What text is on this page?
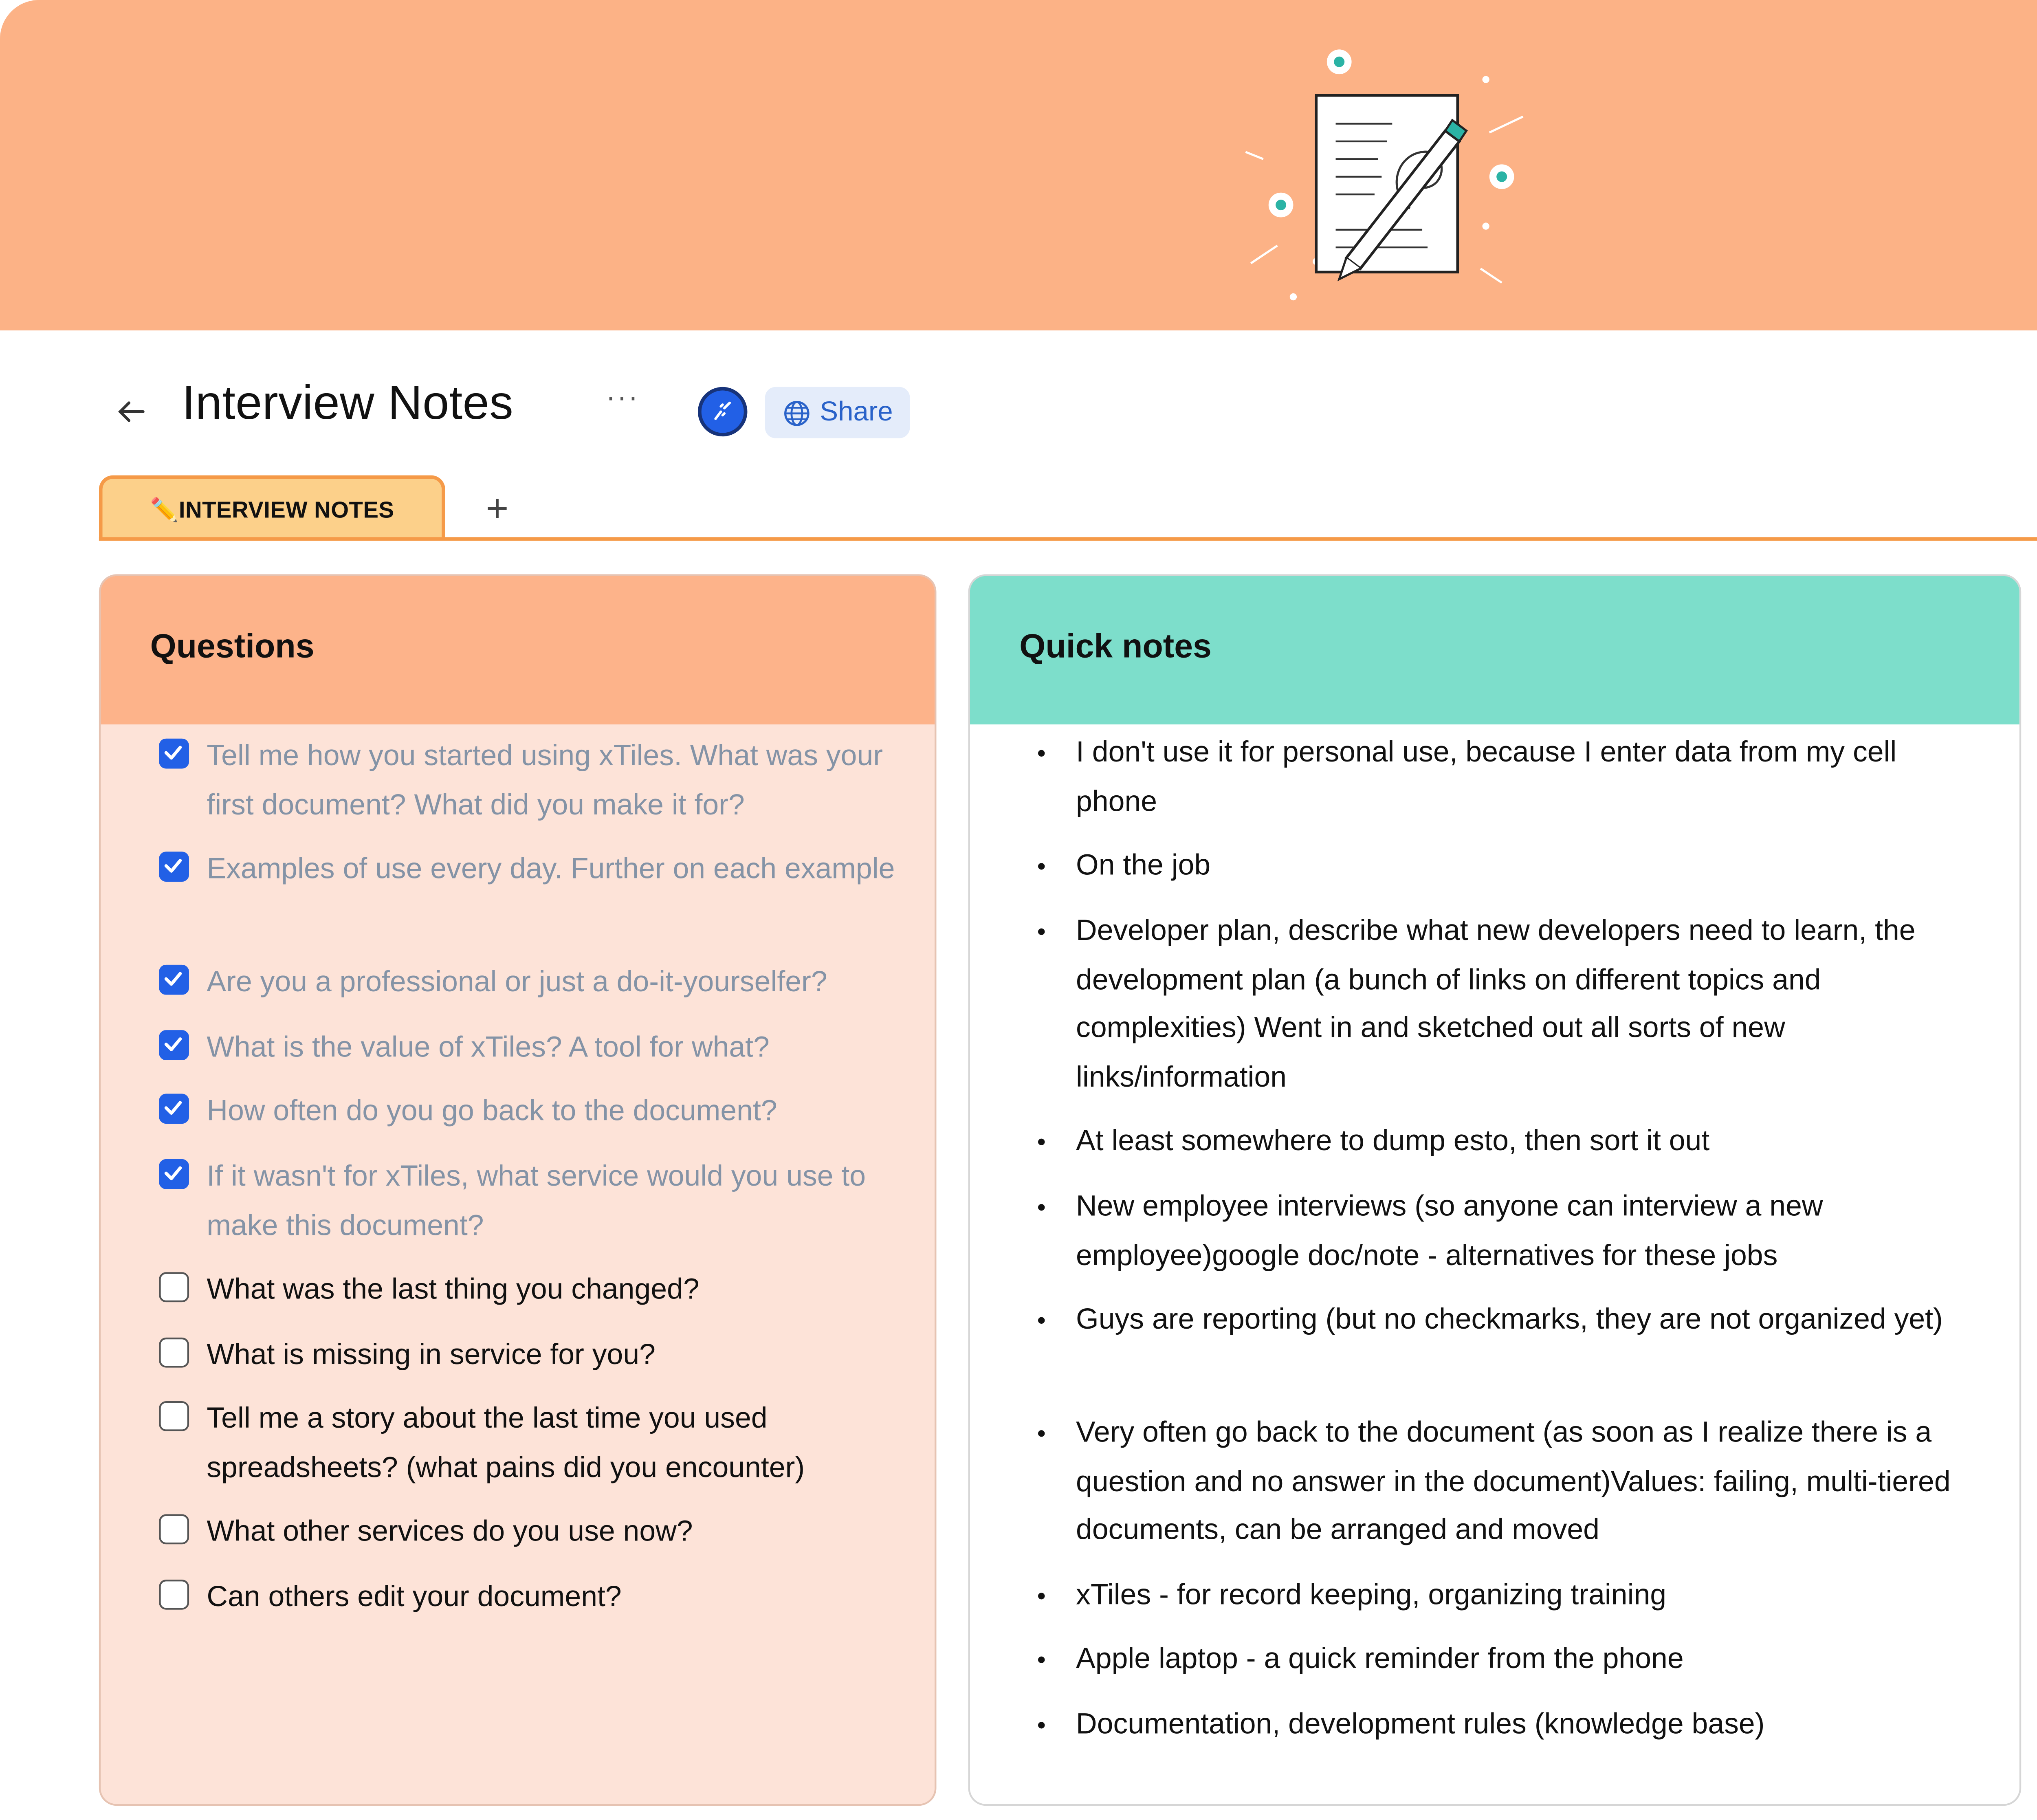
Interview Notes	···	Share
✏️ INTERVIEW NOTES	+
Questions
Tell me how you started using xTiles. What was your first document? What did you make it for?
Examples of use every day. Further on each example
Are you a professional or just a do-it-yourselfer?
What is the value of xTiles? A tool for what?
How often do you go back to the document?
If it wasn't for xTiles, what service would you use to make this document?
What was the last thing you changed?
What is missing in service for you?
Tell me a story about the last time you used spreadsheets? (what pains did you encounter)
What other services do you use now?
Can others edit your document?
Quick notes
• I don't use it for personal use, because I enter data from my cell phone
• On the job
• Developer plan, describe what new developers need to learn, the development plan (a bunch of links on different topics and complexities) Went in and sketched out all sorts of new links/information
• At least somewhere to dump esto, then sort it out
• New employee interviews (so anyone can interview a new employee)google doc/note - alternatives for these jobs
• Guys are reporting (but no checkmarks, they are not organized yet)
• Very often go back to the document (as soon as I realize there is a question and no answer in the document)Values: failing, multi-tiered documents, can be arranged and moved
• xTiles - for record keeping, organizing training
• Apple laptop - a quick reminder from the phone
• Documentation, development rules (knowledge base)
